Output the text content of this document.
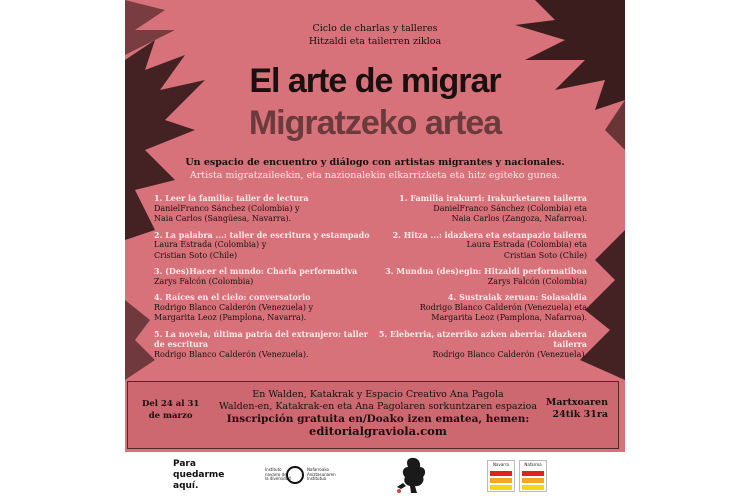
Ciclo de charlas y talleres
Hitzaldi eta tailerren zikloa
El arte de migrar
Migratzeko artea
Un espacio de encuentro y diálogo con artistas migrantes y nacionales.
Artista migratzaileekin, eta nazionalekin elkarrizketa eta hitz egiteko gunea.
1. Leer la familia: taller de lectura
DanielFranco Sánchez (Colombia) y
Naia Carlos (Sangüesa, Navarra).
2. La palabra ...: taller de escritura y estampado
Laura Estrada (Colombia) y
Cristian Soto (Chile)
3. (Des)Hacer el mundo: Charla performativa
Zarys Falcón (Colombia)
4. Raíces en el cielo: conversatorio
Rodrigo Blanco Calderón (Venezuela) y
Margarita Leoz (Pamplona, Navarra).
5. La novela, última patria del extranjero: taller de escritura
Rodrigo Blanco Calderón (Venezuela).
1. Familia irakurri: Irakurketaren tailerra
DanielFranco Sánchez (Colombia) eta
Naia Carlos (Zangoza, Nafarroa).
2. Hitza ...: idazkera eta estanpazio tailerra
Laura Estrada (Colombia) eta
Cristian Soto (Chile)
3. Mundua (des)egin: Hitzaldi performatiboa
Zarys Falcón (Colombia)
4. Sustraiak zeruan: Solasaldia
Rodrigo Blanco Calderón (Venezuela) eta
Margarita Leoz (Pamplona, Nafarroa).
5. Eleberria, atzerriko azken aberria: Idazkera tailerra
Rodrigo Blanco Calderón (Venezuela).
Del 24 al 31
de marzo
En Walden, Katakrak y Espacio Creativo Ana Pagola
Walden-en, Katakrak-en eta Ana Pagolaren sorkuntzaren espazioa
Inscripción gratuita en/Doako izen ematea, hemen:
editorialgraviola.com
Martxoaren
24tik 31ra
Para
quedarme
aquí.
Instituto
navarro de
la diversidad
Nafarroako
Aniztasunaren
Institutua
Navarra	Nafarroa
